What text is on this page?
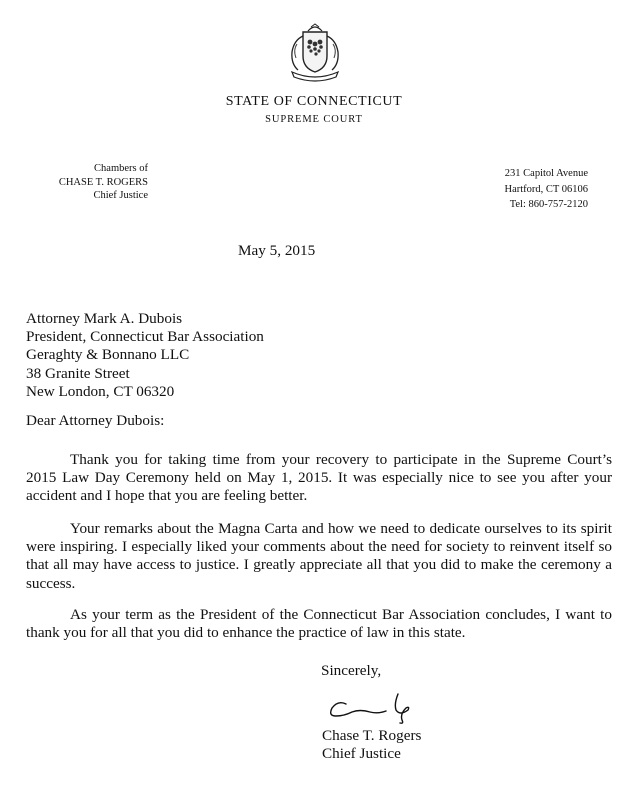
STATE OF CONNECTICUT
SUPREME COURT
Chambers of
CHASE T. ROGERS
Chief Justice
231 Capitol Avenue
Hartford, CT 06106
Tel: 860-757-2120
May 5, 2015
Attorney Mark A. Dubois
President, Connecticut Bar Association
Geraghty & Bonnano LLC
38 Granite Street
New London, CT 06320
Dear Attorney Dubois:

Thank you for taking time from your recovery to participate in the Supreme Court’s 2015 Law Day Ceremony held on May 1, 2015. It was especially nice to see you after your accident and I hope that you are feeling better.

Your remarks about the Magna Carta and how we need to dedicate ourselves to its spirit were inspiring. I especially liked your comments about the need for society to reinvent itself so that all may have access to justice. I greatly appreciate all that you did to make the ceremony a success.

As your term as the President of the Connecticut Bar Association concludes, I want to thank you for all that you did to enhance the practice of law in this state.

Sincerely,
Chase T. Rogers
Chief Justice
